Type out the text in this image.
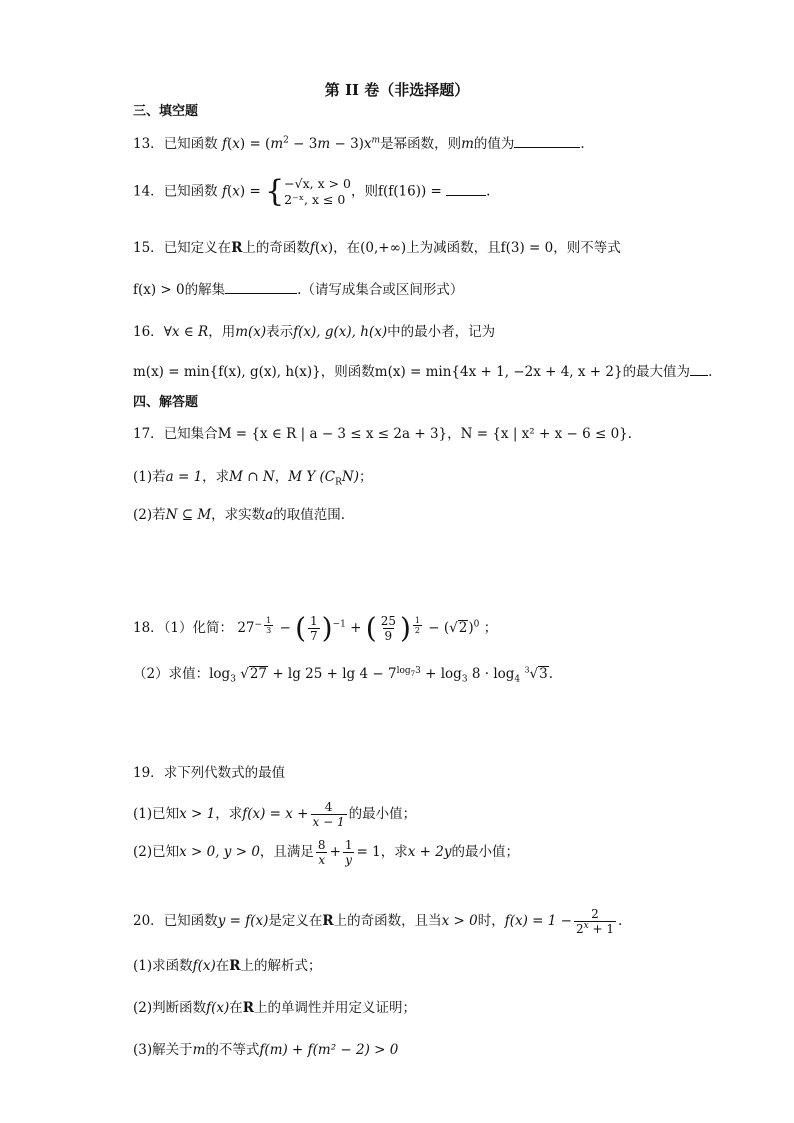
第 II 卷（非选择题）
三、填空题
13．已知函数 $f(x) = (m^2 - 3m - 3)x^m$是幂函数，则m的值为	.
14．已知函数 f(x) = { −√x, x > 0
2⁻ˣ, x ≤ 0 ，则f(f(16)) =	.
15．已知定义在R上的奇函数f(x)，在(0,+∞)上为减函数，且f(3) = 0，则不等式
f(x) > 0的解集	.（请写成集合或区间形式）
16．∀x ∈ R，用m(x)表示f(x), g(x), h(x)中的最小者，记为
m(x) = min{f(x), g(x), h(x)}，则函数m(x) = min{4x + 1, −2x + 4, x + 2}的最大值为 .
四、解答题
17．已知集合M = {x ∈ R | a − 3 ≤ x ≤ 2a + 3}，N = {x | x² + x − 6 ≤ 0}.
(1)若a = 1，求M ∩ N，M Y $(C_RN)$；
(2)若N ⊆ M，求实数a的取值范围.
18．（1）化简： $27^{- \frac{1}{3}}$ − ( $\frac{1}{7} )^{-1}$ + ( $\frac{25}{9}$ ) $^{\frac{1}{2}} - (√2)^0$ ；
（2）求值：$\log_3 √27 + \lg 25 + \lg 4 - 7^{log_73} + \log_3 8 \cdot \log_4 ^3√3$.
19．求下列代数式的最值
(1)已知x > 1，求$f(x) = x + \frac{4}{x - 1}$ 的最小值；
(2)已知x > 0, y > 0，且满足 $\frac{8}{x} + \frac{1}{y} = 1$，求x + 2y的最小值；
20．已知函数y = f(x)是定义在R上的奇函数，且当x > 0时，$f(x) = 1 - \frac{2}{2^x + 1}$ .
(1)求函数f(x)在R上的解析式；
(2)判断函数f(x)在R上的单调性并用定义证明；
(3)解关于m的不等式f(m) + f(m² − 2) > 0
